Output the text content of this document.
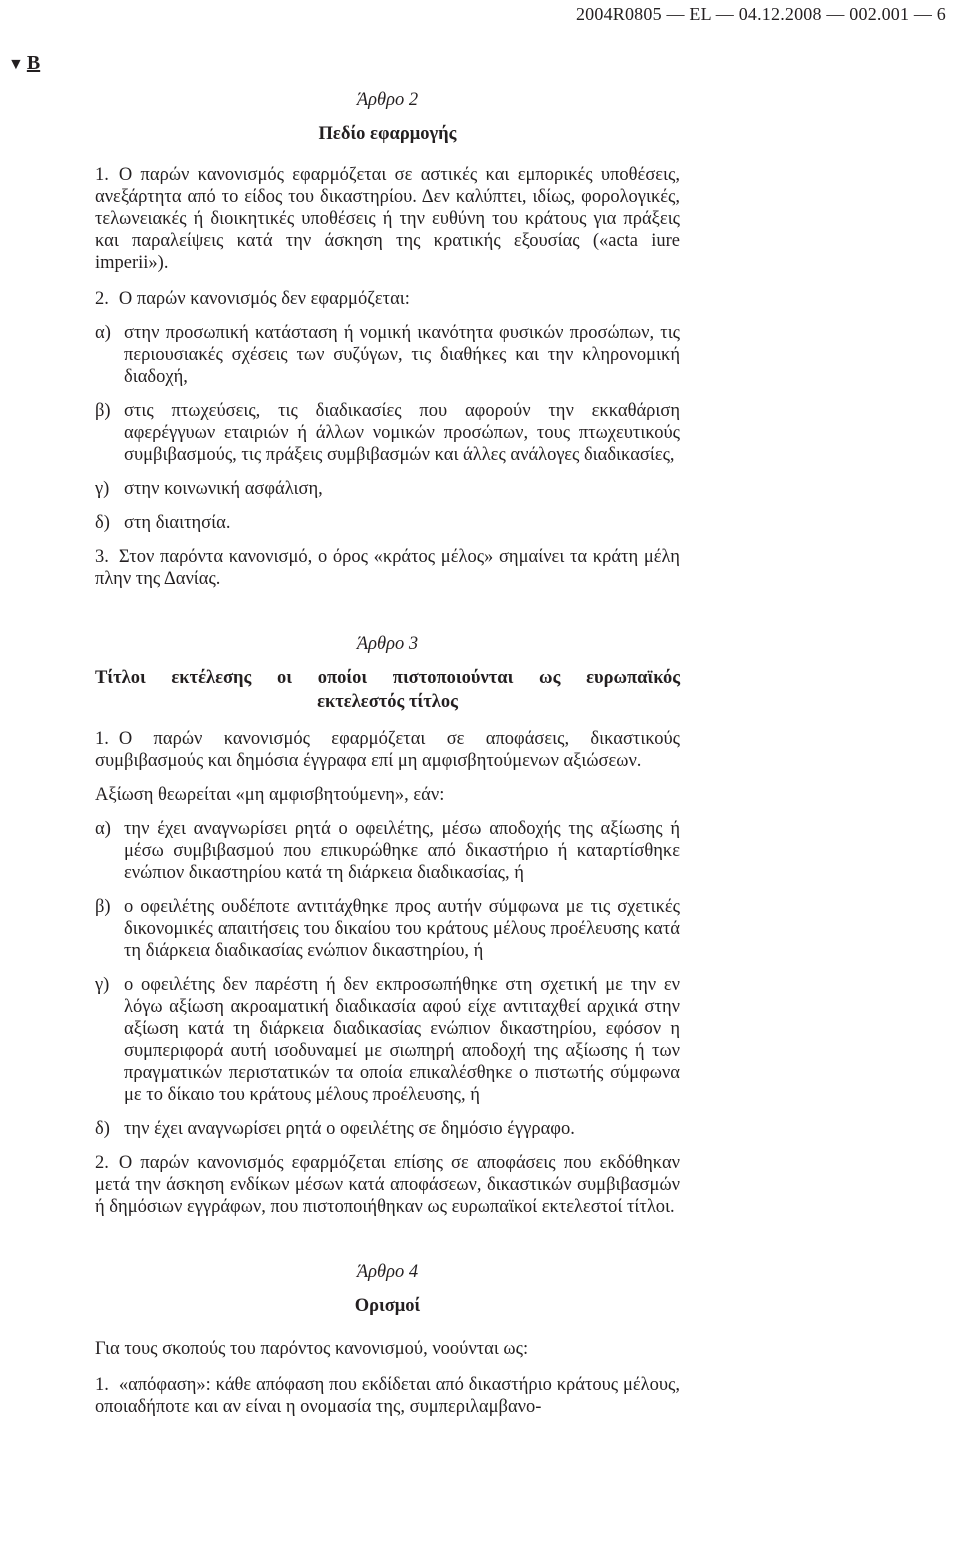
2004R0805 — EL — 04.12.2008 — 002.001 — 6
▼ B
Άρθρο 2
Πεδίο εφαρμογής
1. Ο παρών κανονισμός εφαρμόζεται σε αστικές και εμπορικές υποθέσεις, ανεξάρτητα από το είδος του δικαστηρίου. Δεν καλύπτει, ιδίως, φορολογικές, τελωνειακές ή διοικητικές υποθέσεις ή την ευθύνη του κράτους για πράξεις και παραλείψεις κατά την άσκηση της κρατικής εξουσίας («acta iure imperii»).
2. Ο παρών κανονισμός δεν εφαρμόζεται:
α) στην προσωπική κατάσταση ή νομική ικανότητα φυσικών προσώπων, τις περιουσιακές σχέσεις των συζύγων, τις διαθήκες και την κληρονομική διαδοχή,
β) στις πτωχεύσεις, τις διαδικασίες που αφορούν την εκκαθάριση αφερέγγυων εταιριών ή άλλων νομικών προσώπων, τους πτωχευτικούς συμβιβασμούς, τις πράξεις συμβιβασμών και άλλες ανάλογες διαδικασίες,
γ) στην κοινωνική ασφάλιση,
δ) στη διαιτησία.
3. Στον παρόντα κανονισμό, ο όρος «κράτος μέλος» σημαίνει τα κράτη μέλη πλην της Δανίας.
Άρθρο 3
Τίτλοι εκτέλεσης οι οποίοι πιστοποιούνται ως ευρωπαϊκός
εκτελεστός τίτλος
1. Ο παρών κανονισμός εφαρμόζεται σε αποφάσεις, δικαστικούς συμβιβασμούς και δημόσια έγγραφα επί μη αμφισβητούμενων αξιώσεων.
Αξίωση θεωρείται «μη αμφισβητούμενη», εάν:
α) την έχει αναγνωρίσει ρητά ο οφειλέτης, μέσω αποδοχής της αξίωσης ή μέσω συμβιβασμού που επικυρώθηκε από δικαστήριο ή καταρτίσθηκε ενώπιον δικαστηρίου κατά τη διάρκεια διαδικασίας, ή
β) ο οφειλέτης ουδέποτε αντιτάχθηκε προς αυτήν σύμφωνα με τις σχετικές δικονομικές απαιτήσεις του δικαίου του κράτους μέλους προέλευσης κατά τη διάρκεια διαδικασίας ενώπιον δικαστηρίου, ή
γ) ο οφειλέτης δεν παρέστη ή δεν εκπροσωπήθηκε στη σχετική με την εν λόγω αξίωση ακροαματική διαδικασία αφού είχε αντιταχθεί αρχικά στην αξίωση κατά τη διάρκεια διαδικασίας ενώπιον δικαστηρίου, εφόσον η συμπεριφορά αυτή ισοδυναμεί με σιωπηρή αποδοχή της αξίωσης ή των πραγματικών περιστατικών τα οποία επικαλέσθηκε ο πιστωτής σύμφωνα με το δίκαιο του κράτους μέλους προέλευσης, ή
δ) την έχει αναγνωρίσει ρητά ο οφειλέτης σε δημόσιο έγγραφο.
2. Ο παρών κανονισμός εφαρμόζεται επίσης σε αποφάσεις που εκδόθηκαν μετά την άσκηση ενδίκων μέσων κατά αποφάσεων, δικαστικών συμβιβασμών ή δημόσιων εγγράφων, που πιστοποιήθηκαν ως ευρωπαϊκοί εκτελεστοί τίτλοι.
Άρθρο 4
Ορισμοί
Για τους σκοπούς του παρόντος κανονισμού, νοούνται ως:
1. «απόφαση»: κάθε απόφαση που εκδίδεται από δικαστήριο κράτους μέλους, οποιαδήποτε και αν είναι η ονομασία της, συμπεριλαμβανο-
